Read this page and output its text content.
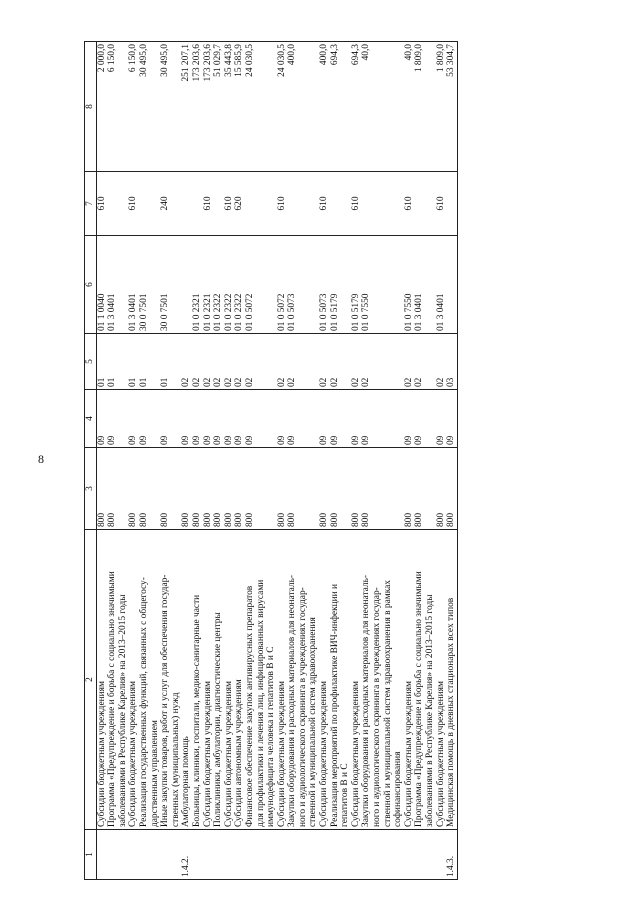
8
1	2	3	4	5	6	7	8

	Субсидии бюджетным учреждениям	800	09	01	01 1 0040	610	2 000,0

	Программа «Предупреждение и борьба с социально значимыми заболеваниями в Республике Карелия» на 2013–2015 годы	800	09	01	01 3 0401		6 150,0

	Субсидии бюджетным учреждениям	800	09	01	01 3 0401	610	6 150,0

	Реализация государственных функций, связанных с общегосу- дарственным управлением	800	09	01	30 0 7501		30 495,0

	Иные закупки товаров, работ и услуг для обеспечения государ- ственных (муниципальных) нужд	800	09	01	30 0 7501	240	30 495,0

1.4.2.	Амбулаторная помощь	800	09	02			251 207,1

	Больницы, клиники, госпитали, медико-санитарные части	800	09	02	01 0 2321		173 203,6

	Субсидии бюджетным учреждениям	800	09	02	01 0 2321	610	173 203,6

	Поликлиники, амбулатории, диагностические центры	800	09	02	01 0 2322		51 029,7

	Субсидии бюджетным учреждениям	800	09	02	01 0 2322	610	35 443,8

	Субсидии автономным учреждениям	800	09	02	01 0 2322	620	15 585,9

	Финансовое обеспечение закупок антивирусных препаратов для профилактики и лечения лиц, инфицированных вирусами иммунодефицита человека и гепатитов В и С	800	09	02	01 0 5072		24 030,5

	Субсидии бюджетным учреждениям	800	09	02	01 0 5072	610	24 030,5

	Закупки оборудования и расходных материалов для неонаталь- ного и аудиологического скрининга в учреждениях государ- ственной и муниципальной систем здравоохранения	800	09	02	01 0 5073		400,0

	Субсидии бюджетным учреждениям	800	09	02	01 0 5073	610	400,0

	Реализация мероприятий по профилактике ВИЧ-инфекции и гепатитов В и С	800	09	02	01 0 5179		694,3

	Субсидии бюджетным учреждениям	800	09	02	01 0 5179	610	694,3

	Закупки оборудования и расходных материалов для неонаталь- ного и аудиологического скрининга в учреждениях государ- ственной и муниципальной систем здравоохранения в рамках софинансирования	800	09	02	01 0 7550		40,0

	Субсидии бюджетным учреждениям	800	09	02	01 0 7550	610	40,0

	Программа «Предупреждение и борьба с социально значимыми заболеваниями в Республике Карелия» на 2013–2015 годы	800	09	02	01 3 0401		1 809,0

	Субсидии бюджетным учреждениям	800	09	02	01 3 0401	610	1 809,0

1.4.3.	Медицинская помощь в дневных стационарах всех типов	800	09	03			53 304,7
